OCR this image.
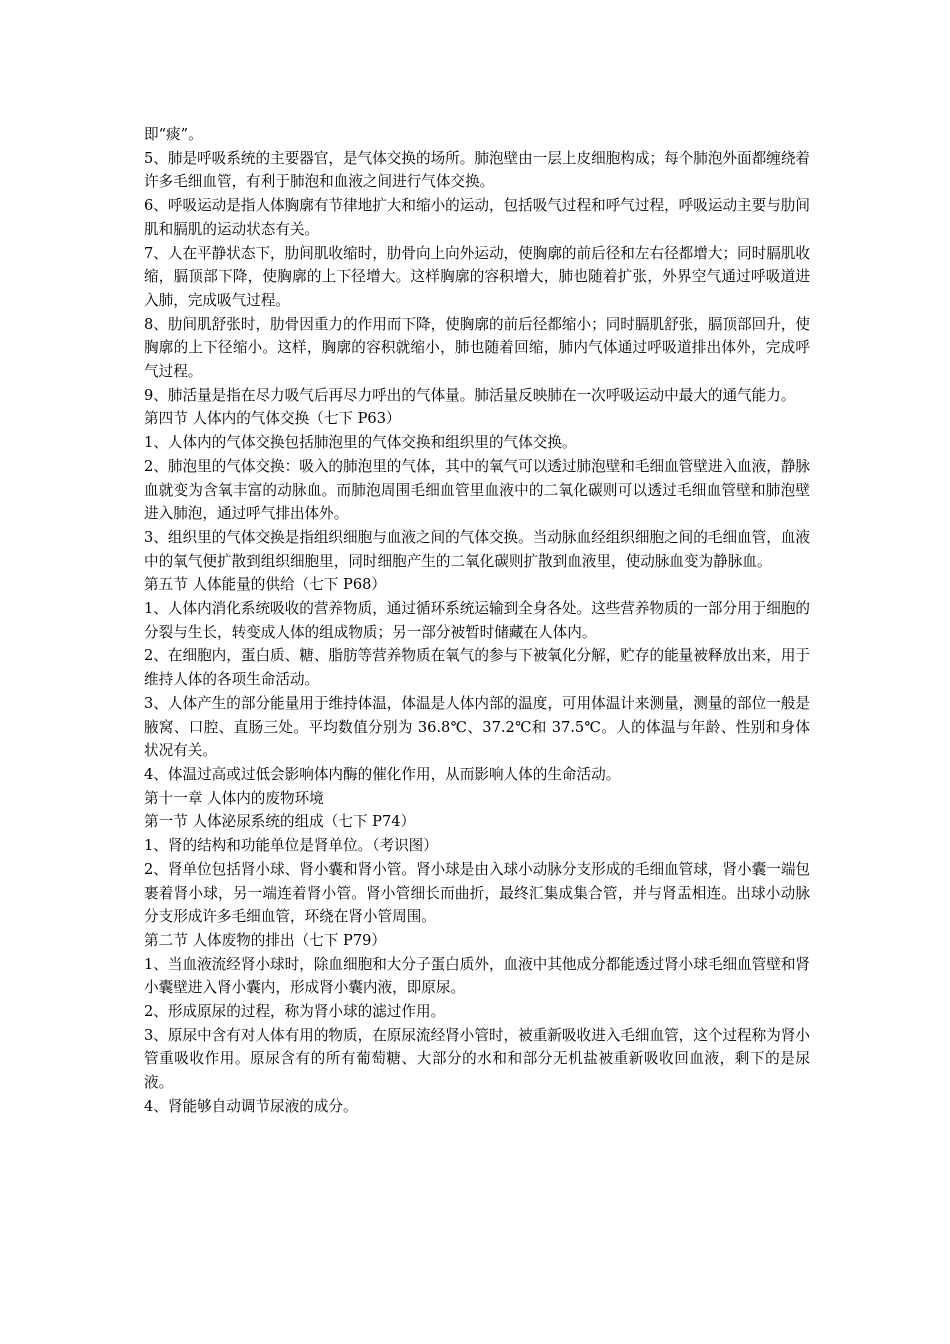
即“痰”。

5、肺是呼吸系统的主要器官，是气体交换的场所。肺泡壁由一层上皮细胞构成；每个肺泡外面都缠绕着许多毛细血管，有利于肺泡和血液之间进行气体交换。

6、呼吸运动是指人体胸廓有节律地扩大和缩小的运动，包括吸气过程和呼气过程，呼吸运动主要与肋间肌和膈肌的运动状态有关。

7、人在平静状态下，肋间肌收缩时，肋骨向上向外运动，使胸廓的前后径和左右径都增大；同时膈肌收缩，膈顶部下降，使胸廓的上下径增大。这样胸廓的容积增大，肺也随着扩张，外界空气通过呼吸道进入肺，完成吸气过程。

8、肋间肌舒张时，肋骨因重力的作用而下降，使胸廓的前后径都缩小；同时膈肌舒张，膈顶部回升，使胸廓的上下径缩小。这样，胸廓的容积就缩小，肺也随着回缩，肺内气体通过呼吸道排出体外，完成呼气过程。

9、肺活量是指在尽力吸气后再尽力呼出的气体量。肺活量反映肺在一次呼吸运动中最大的通气能力。

第四节 人体内的气体交换（七下 P63）

1、人体内的气体交换包括肺泡里的气体交换和组织里的气体交换。

2、肺泡里的气体交换：吸入的肺泡里的气体，其中的氧气可以透过肺泡壁和毛细血管壁进入血液，静脉血就变为含氧丰富的动脉血。而肺泡周围毛细血管里血液中的二氧化碳则可以透过毛细血管壁和肺泡壁进入肺泡，通过呼气排出体外。

3、组织里的气体交换是指组织细胞与血液之间的气体交换。当动脉血经组织细胞之间的毛细血管，血液中的氧气便扩散到组织细胞里，同时细胞产生的二氧化碳则扩散到血液里，使动脉血变为静脉血。

第五节 人体能量的供给（七下 P68）

1、人体内消化系统吸收的营养物质，通过循环系统运输到全身各处。这些营养物质的一部分用于细胞的分裂与生长，转变成人体的组成物质；另一部分被暂时储藏在人体内。

2、在细胞内，蛋白质、糖、脂肪等营养物质在氧气的参与下被氧化分解，贮存的能量被释放出来，用于维持人体的各项生命活动。

3、人体产生的部分能量用于维持体温，体温是人体内部的温度，可用体温计来测量，测量的部位一般是腋窝、口腔、直肠三处。平均数值分别为 36.8℃、37.2℃和 37.5℃。人的体温与年龄、性别和身体状况有关。

4、体温过高或过低会影响体内酶的催化作用，从而影响人体的生命活动。

第十一章 人体内的废物环境

第一节 人体泌尿系统的组成（七下 P74）

1、肾的结构和功能单位是肾单位。（考识图）

2、肾单位包括肾小球、肾小囊和肾小管。肾小球是由入球小动脉分支形成的毛细血管球，肾小囊一端包裹着肾小球，另一端连着肾小管。肾小管细长而曲折，最终汇集成集合管，并与肾盂相连。出球小动脉分支形成许多毛细血管，环绕在肾小管周围。

第二节 人体废物的排出（七下 P79）

1、当血液流经肾小球时，除血细胞和大分子蛋白质外，血液中其他成分都能透过肾小球毛细血管壁和肾小囊壁进入肾小囊内，形成肾小囊内液，即原尿。

2、形成原尿的过程，称为肾小球的滤过作用。

3、原尿中含有对人体有用的物质，在原尿流经肾小管时，被重新吸收进入毛细血管，这个过程称为肾小管重吸收作用。原尿含有的所有葡萄糖、大部分的水和和部分无机盐被重新吸收回血液，剩下的是尿液。

4、肾能够自动调节尿液的成分。
